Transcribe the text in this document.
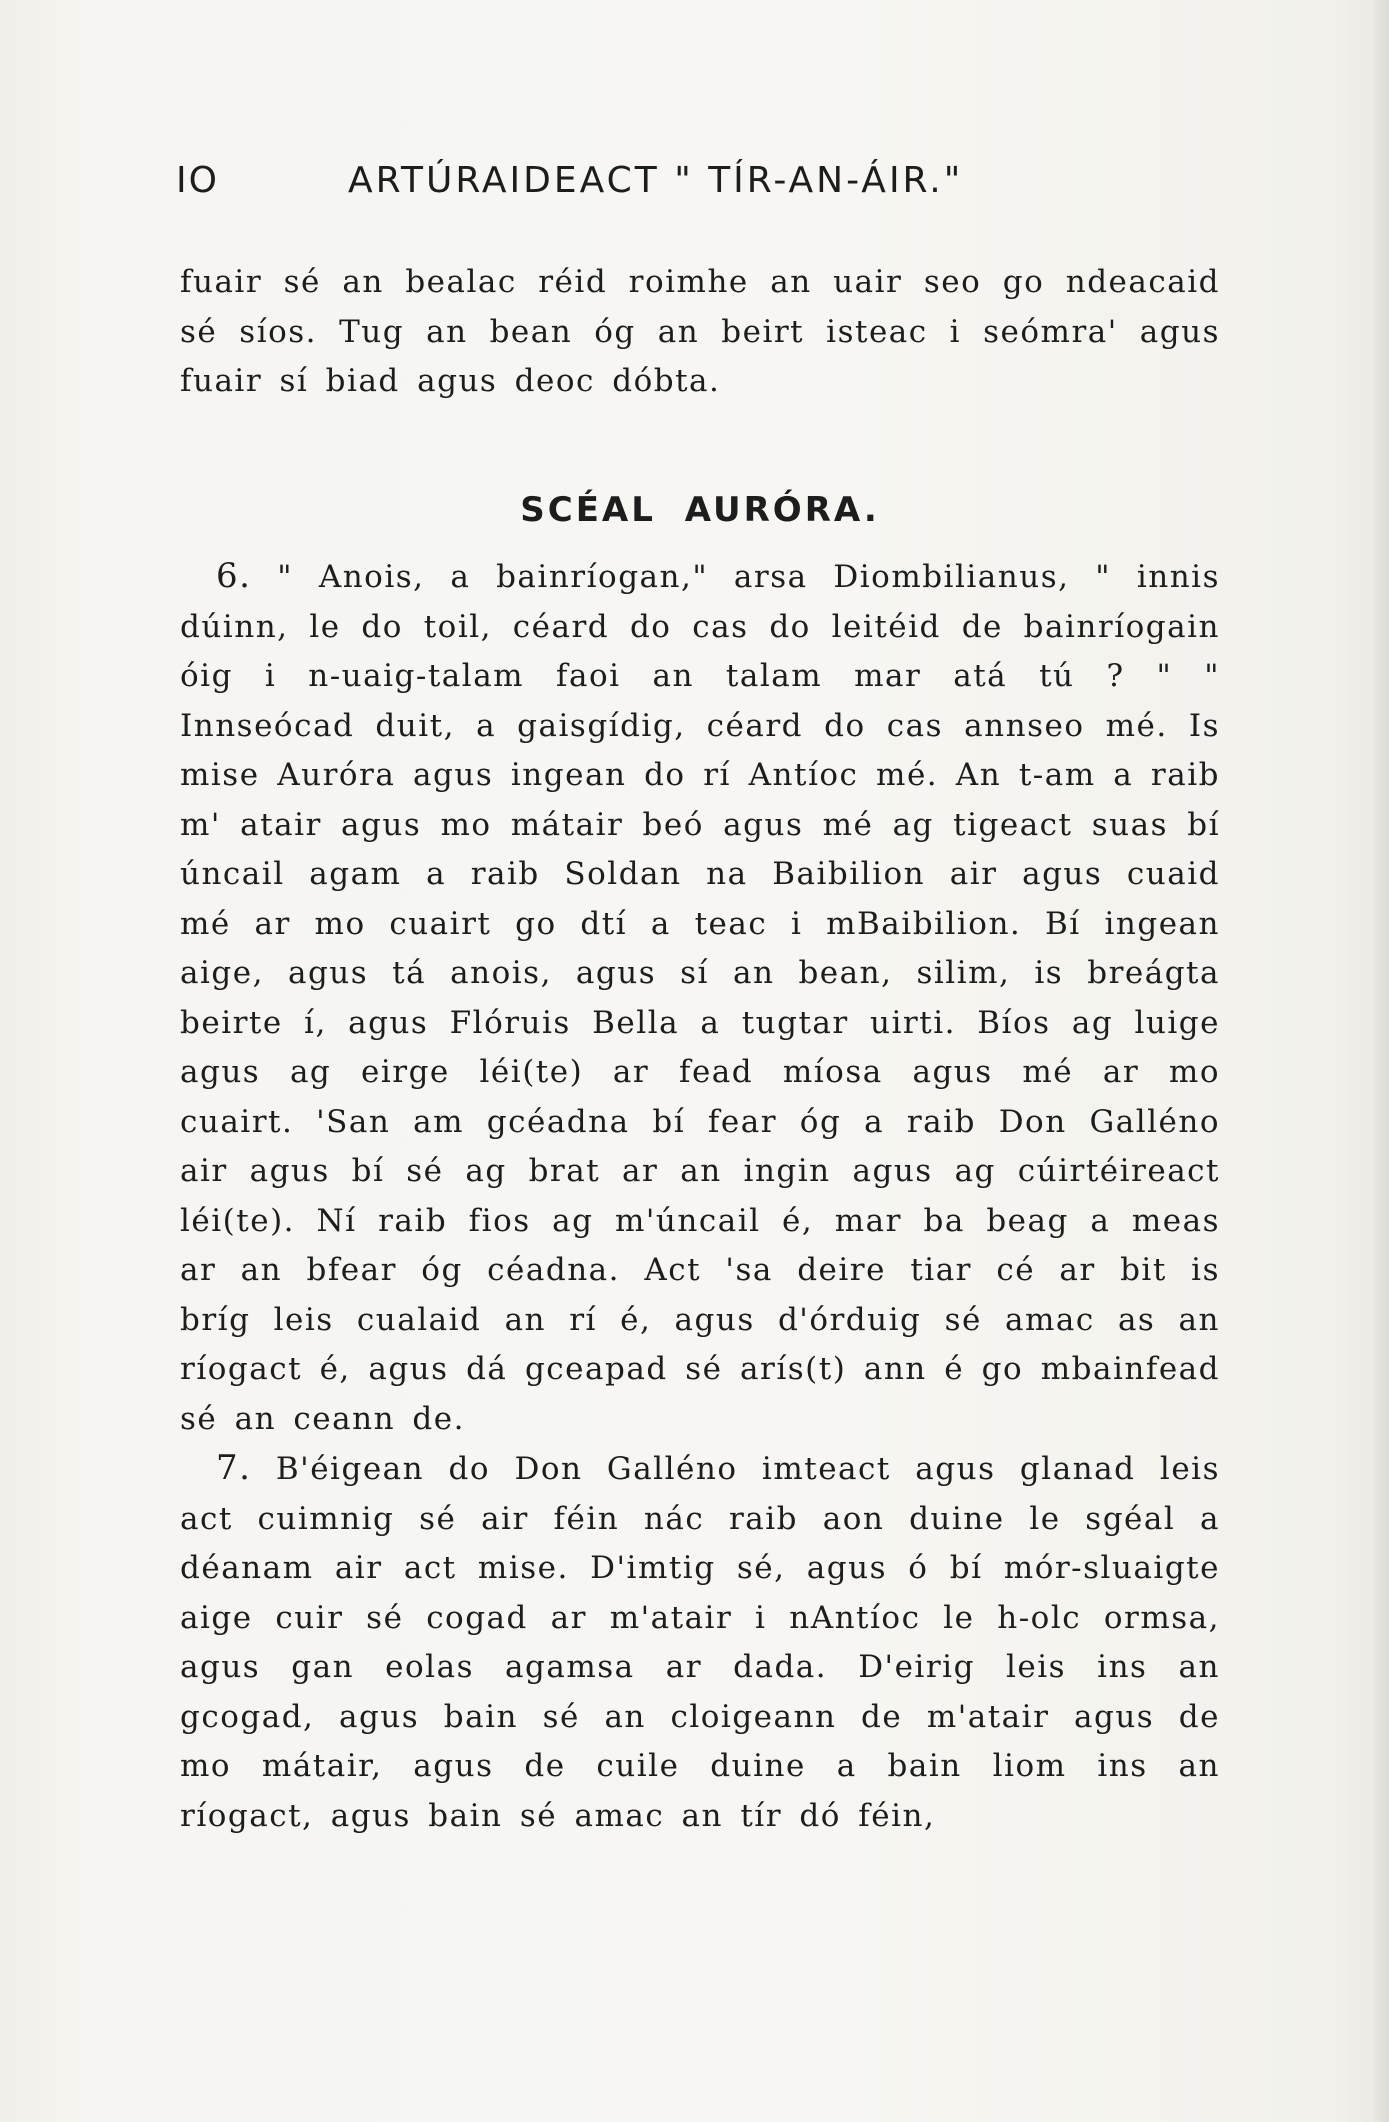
IO	ARTÚRAIDEACT " TÍR-AN-ÁIR."

fuair sé an bealac réid roimhe an uair seo go ndeacaid sé síos. Tug an bean óg an beirt isteac i seómra' agus fuair sí biad agus deoc dóbta.

SCÉAL AURÓRA.

6. " Anois, a bainríogan," arsa Diombilianus, " innis dúinn, le do toil, céard do cas do leitéid de bainríogain óig i n-uaig-talam faoi an talam mar atá tú ? " " Innseócad duit, a gaisgídig, céard do cas annseo mé. Is mise Auróra agus ingean do rí Antíoc mé. An t-am a raib m' atair agus mo mátair beó agus mé ag tigeact suas bí úncail agam a raib Soldan na Baibilion air agus cuaid mé ar mo cuairt go dtí a teac i mBaibilion. Bí ingean aige, agus tá anois, agus sí an bean, silim, is breágta beirte í, agus Flóruis Bella a tugtar uirti. Bíos ag luige agus ag eirge léi(te) ar fead míosa agus mé ar mo cuairt. 'San am gcéadna bí fear óg a raib Don Galléno air agus bí sé ag brat ar an ingin agus ag cúirtéireact léi(te). Ní raib fios ag m'úncail é, mar ba beag a meas ar an bfear óg céadna. Act 'sa deire tiar cé ar bit is bríg leis cualaid an rí é, agus d'órduig sé amac as an ríogact é, agus dá gceapad sé arís(t) ann é go mbainfead sé an ceann de.

7. B'éigean do Don Galléno imteact agus glanad leis act cuimnig sé air féin nác raib aon duine le sgéal a déanam air act mise. D'imtig sé, agus ó bí mór-sluaigte aige cuir sé cogad ar m'atair i nAntíoc le h-olc ormsa, agus gan eolas agamsa ar dada. D'eirig leis ins an gcogad, agus bain sé an cloigeann de m'atair agus de mo mátair, agus de cuile duine a bain liom ins an ríogact, agus bain sé amac an tír dó féin,
